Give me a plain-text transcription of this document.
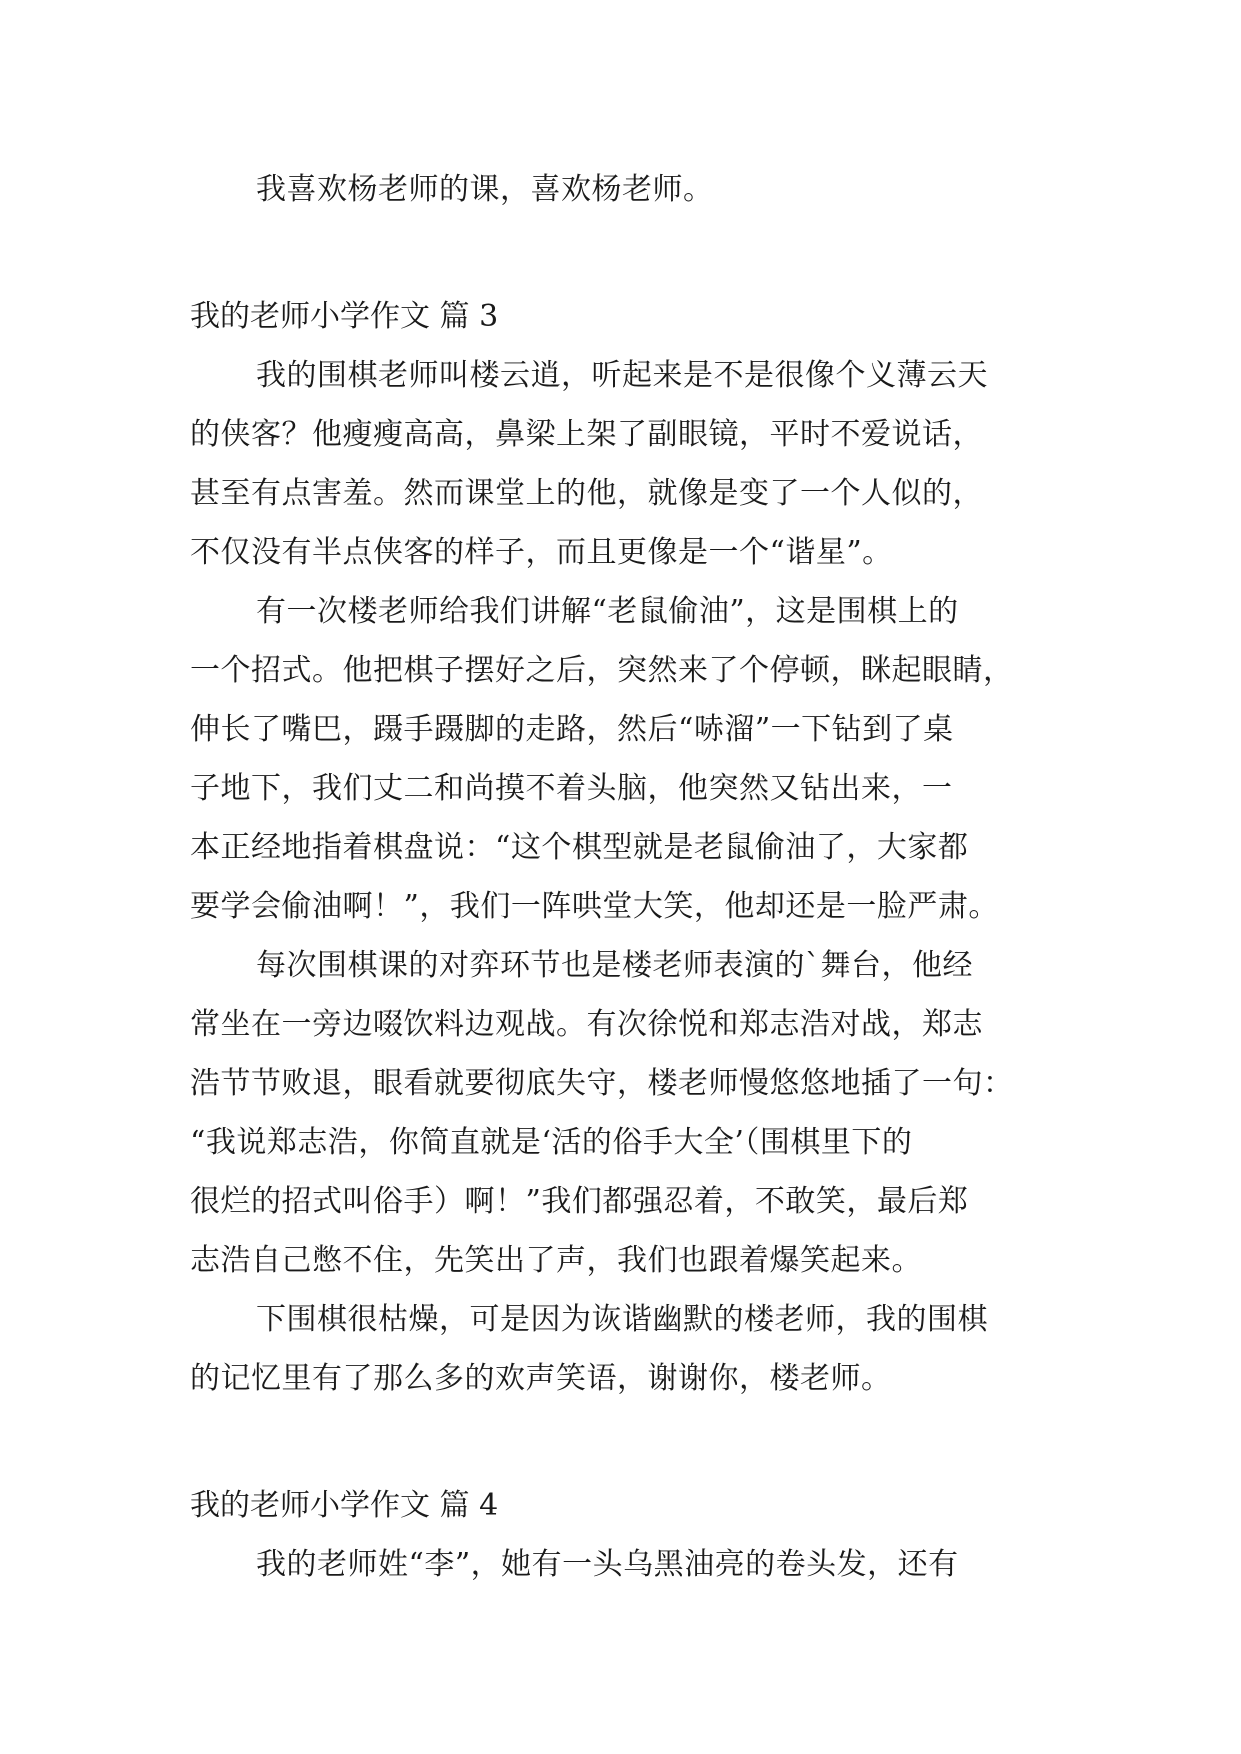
我喜欢杨老师的课，喜欢杨老师。
我的老师小学作文 篇 3
我的围棋老师叫楼云逍，听起来是不是很像个义薄云天
的侠客？他瘦瘦高高，鼻梁上架了副眼镜，平时不爱说话，
甚至有点害羞。然而课堂上的他，就像是变了一个人似的，
不仅没有半点侠客的样子，而且更像是一个“谐星”。
有一次楼老师给我们讲解“老鼠偷油”，这是围棋上的
一个招式。他把棋子摆好之后，突然来了个停顿，眯起眼睛，
伸长了嘴巴，蹑手蹑脚的走路，然后“哧溜”一下钻到了桌
子地下，我们丈二和尚摸不着头脑，他突然又钻出来，一
本正经地指着棋盘说：“这个棋型就是老鼠偷油了，大家都
要学会偷油啊！”，我们一阵哄堂大笑，他却还是一脸严肃。
每次围棋课的对弈环节也是楼老师表演的`舞台，他经
常坐在一旁边啜饮料边观战。有次徐悦和郑志浩对战，郑志
浩节节败退，眼看就要彻底失守，楼老师慢悠悠地插了一句：
“我说郑志浩，你简直就是‘活的俗手大全’（围棋里下的
很烂的招式叫俗手）啊！”我们都强忍着，不敢笑，最后郑
志浩自己憋不住，先笑出了声，我们也跟着爆笑起来。
下围棋很枯燥，可是因为诙谐幽默的楼老师，我的围棋
的记忆里有了那么多的欢声笑语，谢谢你，楼老师。
我的老师小学作文 篇 4
我的老师姓“李”，她有一头乌黑油亮的卷头发，还有
